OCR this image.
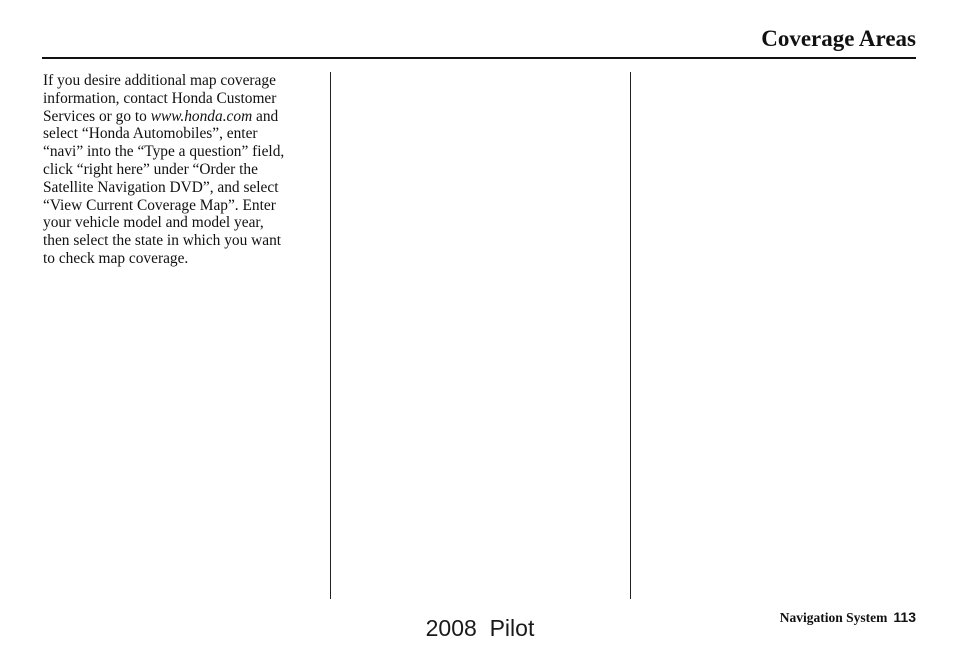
Coverage Areas
If you desire additional map coverage
information, contact Honda Customer
Services or go to www.honda.com and
select “Honda Automobiles”, enter
“navi” into the “Type a question” field,
click “right here” under “Order the
Satellite Navigation DVD”, and select
“View Current Coverage Map”. Enter
your vehicle model and model year,
then select the state in which you want
to check map coverage.
Navigation System 113
2008  Pilot
